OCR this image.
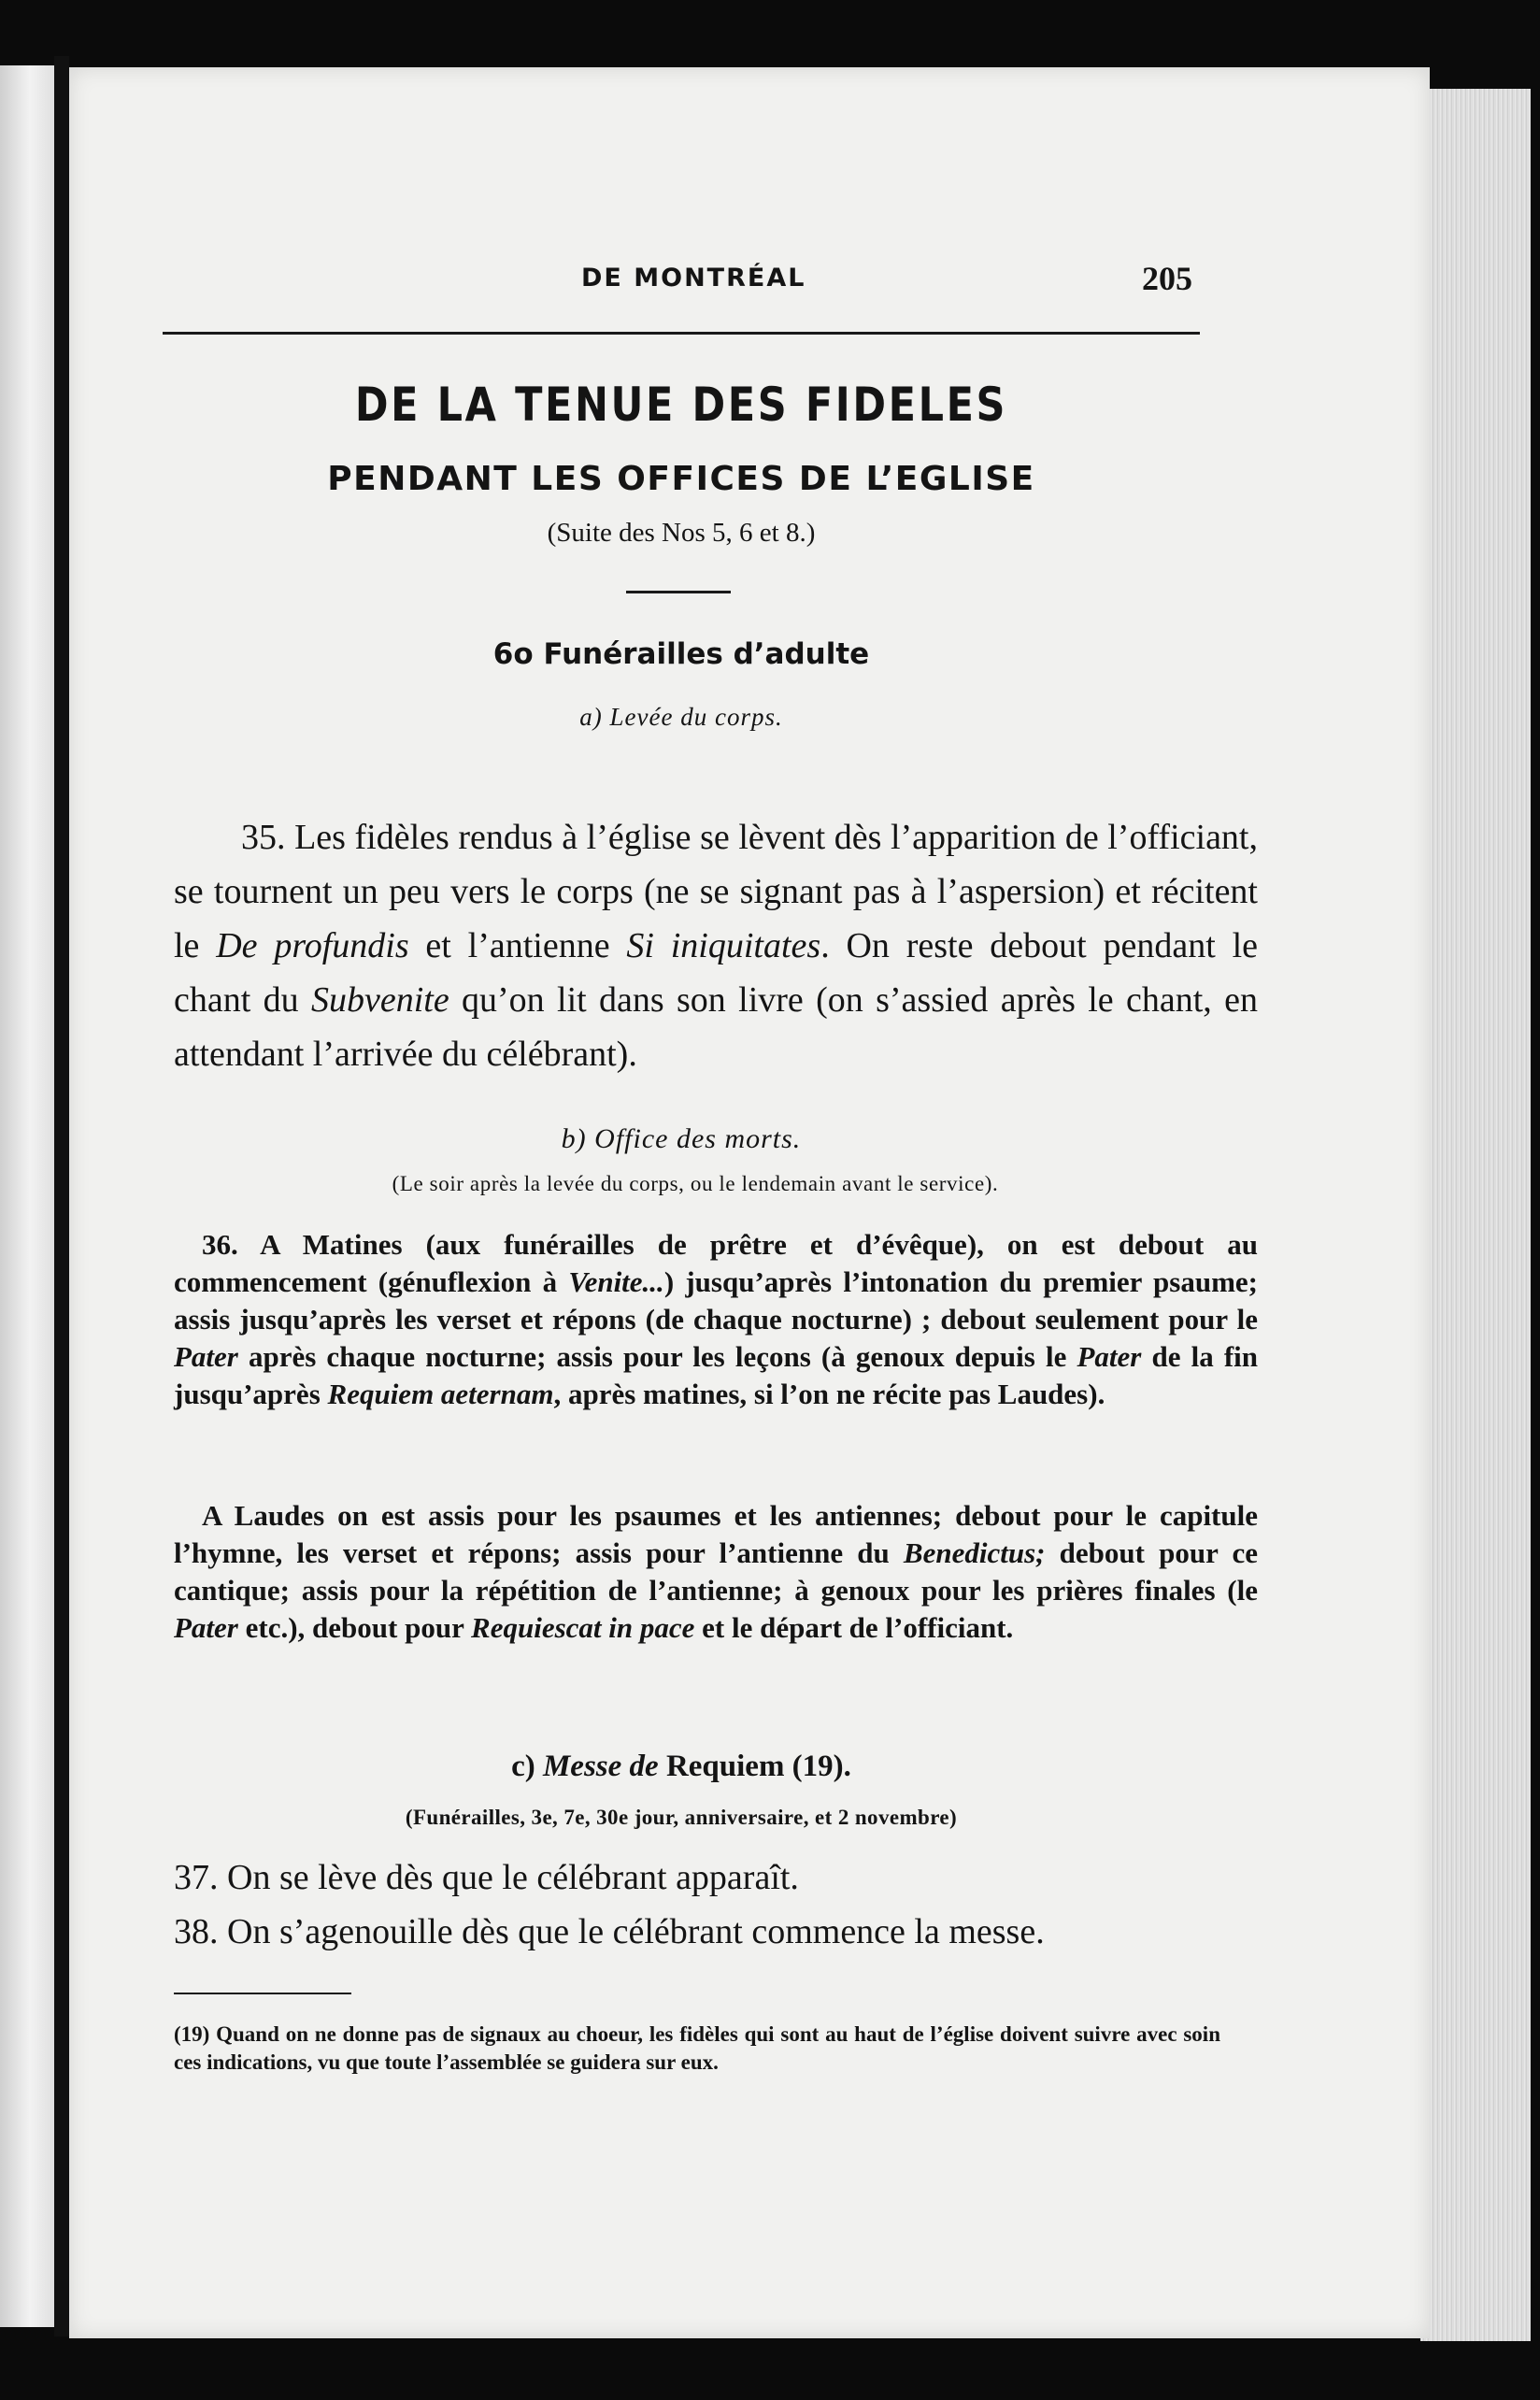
DE MONTRÉAL	205

DE LA TENUE DES FIDELES

PENDANT LES OFFICES DE L’EGLISE

(Suite des Nos 5, 6 et 8.)

6o Funérailles d’adulte

a) Levée du corps.

35. Les fidèles rendus à l’église se lèvent dès l’apparition de l’officiant, se tournent un peu vers le corps (ne se signant pas à l’aspersion) et récitent le De profundis et l’antienne Si iniquitates. On reste debout pendant le chant du Subvenite qu’on lit dans son livre (on s’assied après le chant, en attendant l’arrivée du célébrant).

b) Office des morts.

(Le soir après la levée du corps, ou le lendemain avant le service).

36. A Matines (aux funérailles de prêtre et d’évêque), on est debout au commencement (génuflexion à Venite...) jusqu’après l’intonation du premier psaume; assis jusqu’après les verset et répons (de chaque nocturne) ; debout seulement pour le Pater après chaque nocturne; assis pour les leçons (à genoux depuis le Pater de la fin jusqu’après Requiem aeternam, après matines, si l’on ne récite pas Laudes).

A Laudes on est assis pour les psaumes et les antiennes; debout pour le capitule l’hymne, les verset et répons; assis pour l’antienne du Benedictus; debout pour ce cantique; assis pour la répétition de l’antienne; à genoux pour les prières finales (le Pater etc.), debout pour Requiescat in pace et le départ de l’officiant.

c) Messe de Requiem (19).

(Funérailles, 3e, 7e, 30e jour, anniversaire, et 2 novembre)

37. On se lève dès que le célébrant apparaît.

38. On s’agenouille dès que le célébrant commence la messe.

(19) Quand on ne donne pas de signaux au choeur, les fidèles qui sont au haut de l’église doivent suivre avec soin ces indications, vu que toute l’assemblée se guidera sur eux.
